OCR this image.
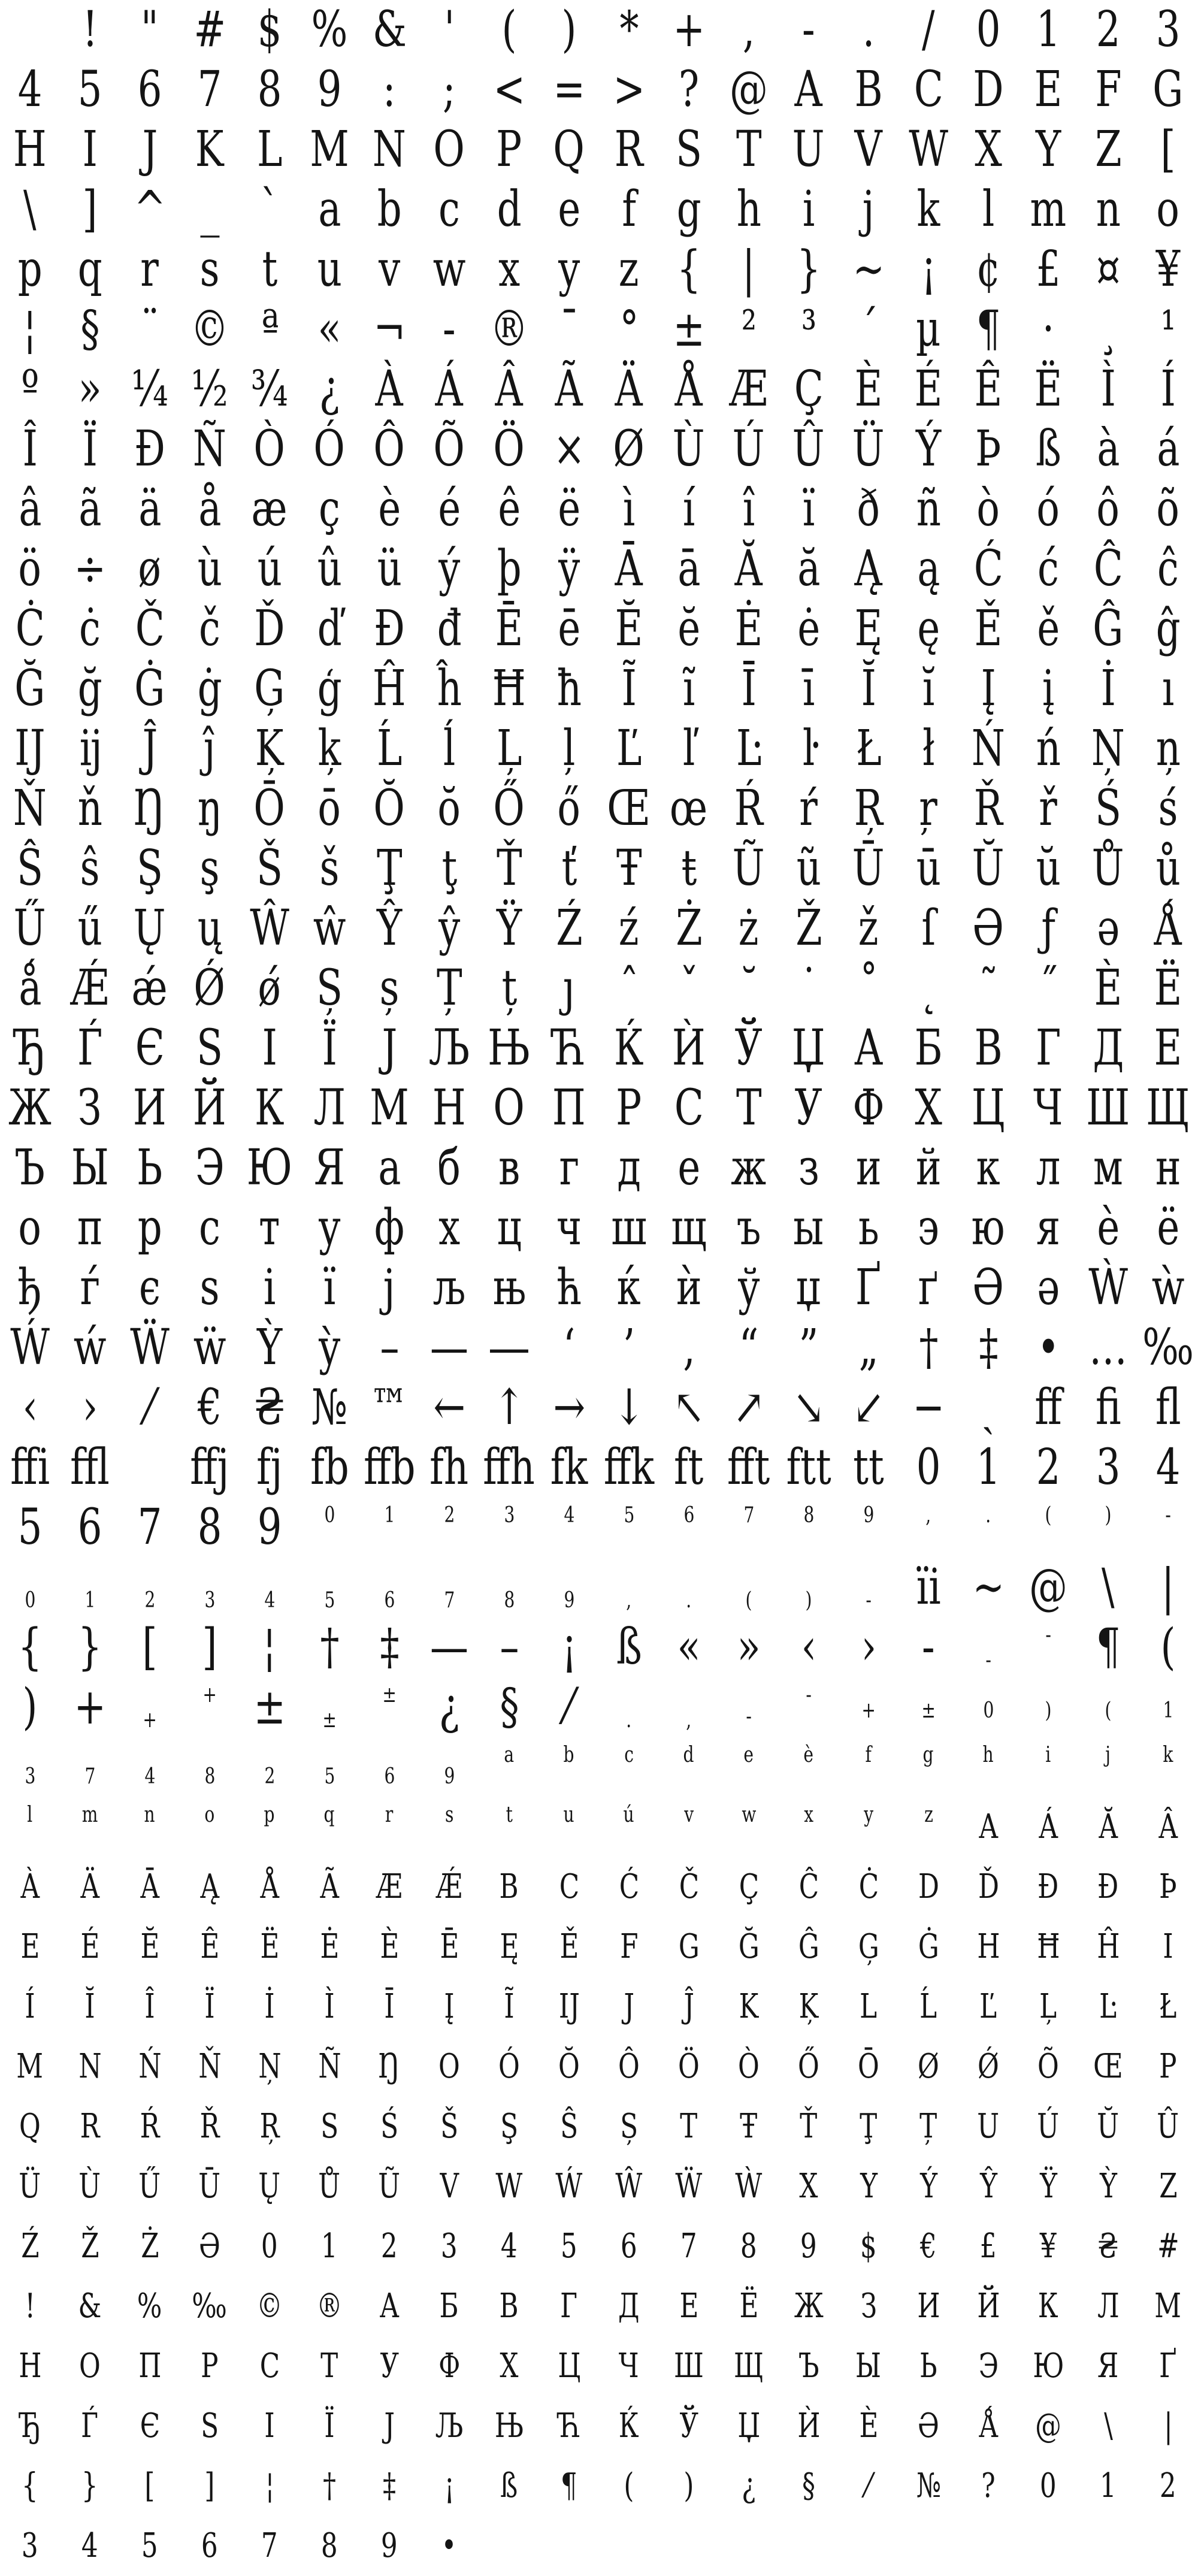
! " # $ % & ' ( ) * + , - . / 0 1 2 3
4 5 6 7 8 9 : ; < = > ? @ A B C D E F G
H I J K L M N O P Q R S T U V W X Y Z [
\ ] ^ _ ` a b c d e f g h i j k l m n o
p q r s t u v w x y z { | } ~ ¡ ¢ £ ¤ ¥
¦ § ¨ © ª « ¬ - ® ¯ ° ± ² ³ ´ µ ¶ · ¸ ¹
º » ¼ ½ ¾ ¿ À Á Â Ã Ä Å Æ Ç È É Ê Ë Ì Í
Î Ï Ð Ñ Ò Ó Ô Õ Ö × Ø Ù Ú Û Ü Ý Þ ß à á
â ã ä å æ ç è é ê ë ì í î ï ð ñ ò ó ô õ
ö ÷ ø ù ú û ü ý þ ÿ Ā ā Ă ă Ą ą Ć ć Ĉ ĉ
Ċ ċ Č č Ď ď Đ đ Ē ē Ĕ ĕ Ė ė Ę ę Ě ě Ĝ ĝ
Ğ ğ Ġ ġ Ģ ģ Ĥ ĥ Ħ ħ Ĩ ĩ Ī ī Ĭ ĭ Į į İ ı
Ĳ ĳ Ĵ ĵ Ķ ķ Ĺ ĺ Ļ ļ Ľ ľ Ŀ ŀ Ł ł Ń ń Ņ ņ
Ň ň Ŋ ŋ Ō ō Ŏ ŏ Ő ő Œ œ Ŕ ŕ Ŗ ŗ Ř ř Ś ś
Ŝ ŝ Ş ş Š š Ţ ţ Ť ť Ŧ ŧ Ũ ũ Ū ū Ŭ ŭ Ů ů
Ű ű Ų ų Ŵ ŵ Ŷ ŷ Ÿ Ź ź Ż ż Ž ž ſ Ə ƒ ə Ǻ
ǻ Ǽ ǽ Ǿ ǿ Ș ș Ț ț ȷ ˆ ˇ ˘ ˙ ˚ ˛ ˜ ˝ Ѐ Ё
Ђ Ѓ Є Ѕ І Ї Ј Љ Њ Ћ Ќ Ѝ Ў Џ А Б В Г Д Е
Ж З И Й К Л М Н О П Р С Т У Ф Х Ц Ч Ш Щ
Ъ Ы Ь Э Ю Я а б в г д е ж з и й к л м н
о п р с т у ф х ц ч ш щ ъ ы ь э ю я ѐ ё
ђ ѓ є ѕ і ї ј љ њ ћ ќ ѝ ў џ Ґ ґ Ә ә Ẁ ẁ
Ẃ ẃ Ẅ ẅ Ỳ ỳ – — ― ‘ ’ ‚ “ ” „ † ‡ • … ‰
‹ › ⁄ € ₴ № ™ ← ↑ → ↓ ↖ ↗ ↘ ↙ − ˏ ff fi fl
ffi ffl ffj fj fb ffb fh ffh fk ffk ft fft ftt tt 0 1 2 3 4
5 6 7 8 9 0 1 2 3 4 5 6 7 8 9 ,	.	( ) -
0 1 2 3 4 5 6 7 8 9 ,	.	( ) - ïi ~ @ \ |
{ } [ ] ¦ † ‡ — – ¡ ß « » ‹ › - -
- ¶ (
) + +
+ ± ±
± ¿ § ⁄	.	,	-
-
+ ± 0 ) ( 1
3 7 4 8 2 5 6 9
a b c d e è f g h i	j k
l m n o p q r s t u ú v w x y z A Á Ă Â
À Ä Ā Ą Å Ã Æ Ǽ B C Ć Č Ç Ĉ Ċ D Ď Đ Ð Þ
E É Ĕ Ê Ë Ė È Ē Ę Ě F G Ğ Ĝ Ģ Ġ H Ħ Ĥ I
Í Ĭ Î Ï İ Ì Ī Į Ĩ Ĳ J Ĵ K Ķ L Ĺ Ľ Ļ Ŀ Ł
M N Ń Ň Ņ Ñ Ŋ O Ó Ŏ Ô Ö Ò Ő Ō Ø Ǿ Õ Œ P
Q R Ŕ Ř Ŗ S Ś Š Ş Ŝ Ș T Ŧ Ť Ţ Ț U Ú Ŭ Û
Ü Ù Ű Ū Ų Ů Ũ V W Ẃ Ŵ Ẅ Ẁ X Y Ý Ŷ Ÿ Ỳ Z
Ź Ž Ż Ə 0 1 2 3 4 5 6 7 8 9 $ € £ ¥ ₴ #
! & % ‰ © ® А Б В Г Д Е Ё Ж З И Й К Л М
Н О П Р С Т У Ф Х Ц Ч Ш Щ Ъ Ы Ь Э Ю Я Ґ
Ђ Ѓ Є Ѕ І Ї Ј Љ Њ Ћ Ќ Ў Џ Ѝ Ѐ Ә Ǻ @ \ |
{ } [ ] ¦ † ‡ ¡ ß ¶ ( ) ¿ § ⁄ № ? 0 1 2
3 4 5 6 7 8 9 •
